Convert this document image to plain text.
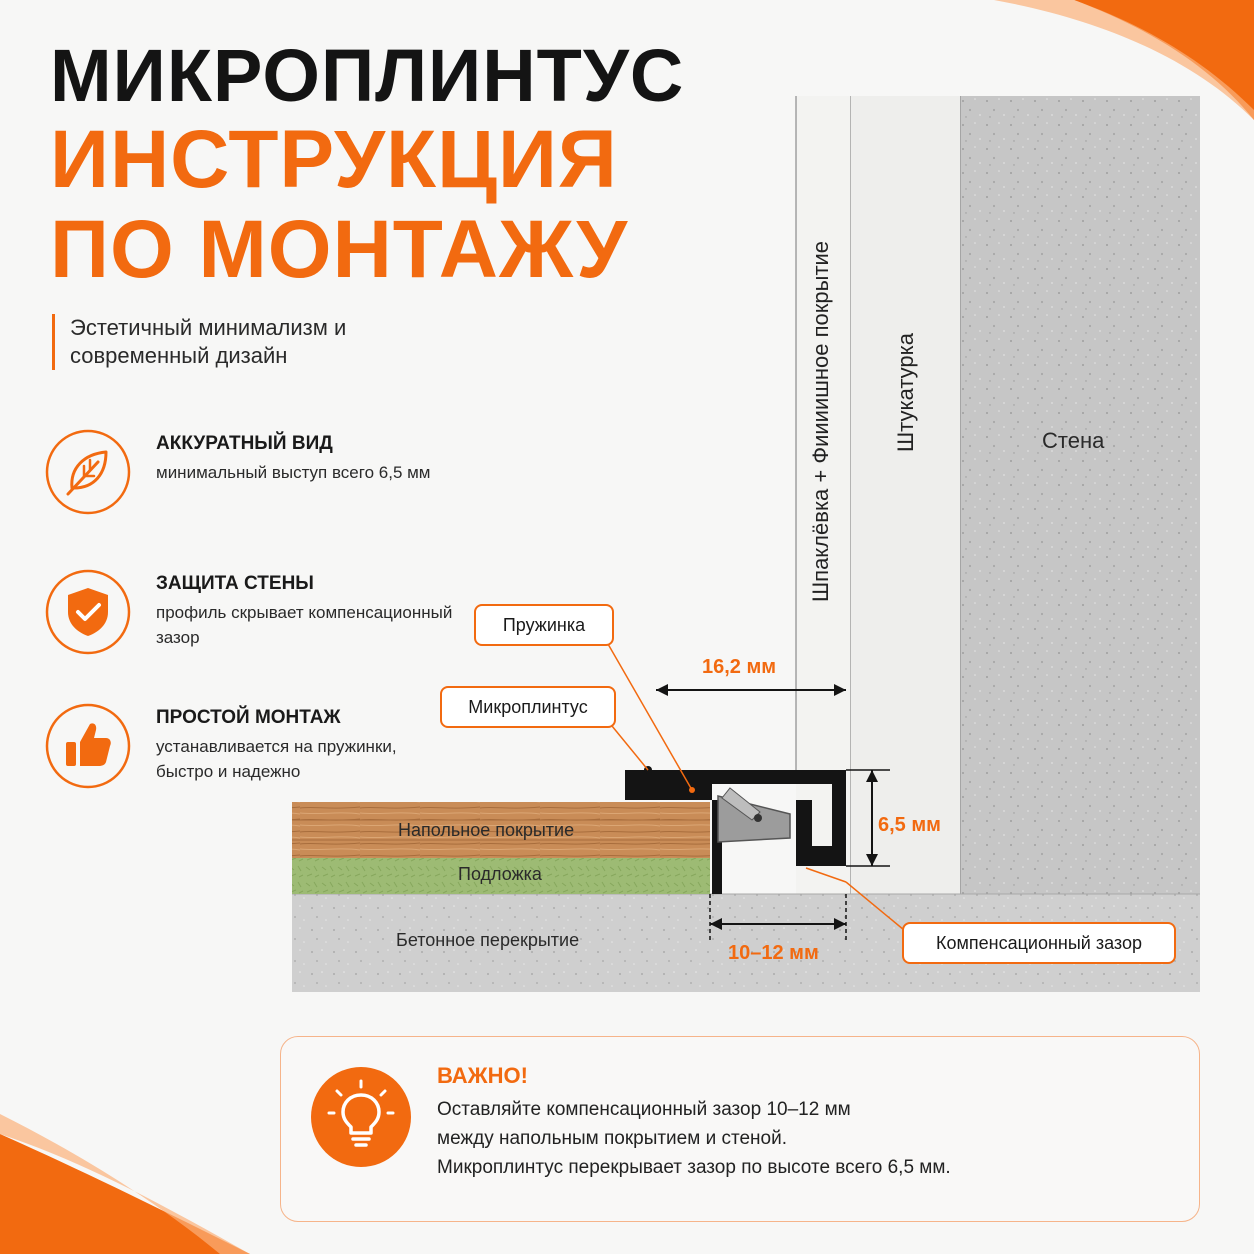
МИКРОПЛИНТУС
ИНСТРУКЦИЯ
ПО МОНТАЖУ
Эстетичный минимализм и современный дизайн
АККУРАТНЫЙ ВИД
минимальный выступ всего 6,5 мм
ЗАЩИТА СТЕНЫ
профиль скрывает компенсационный зазор
ПРОСТОЙ МОНТАЖ
устанавливается на пружинки, быстро и надежно
Шпаклёвка + Фиииишное покрытие	Штукатурка	Стена
Напольное покрытие
Подложка
Бетонное перекрытие
Пружинка
Микроплинтус
Компенсационный зазор
16,2 мм
6,5 мм
10–12 мм
ВАЖНО!
Оставляйте компенсационный зазор 10–12 мм
между напольным покрытием и стеной.
Микроплинтус перекрывает зазор по высоте всего 6,5 мм.
